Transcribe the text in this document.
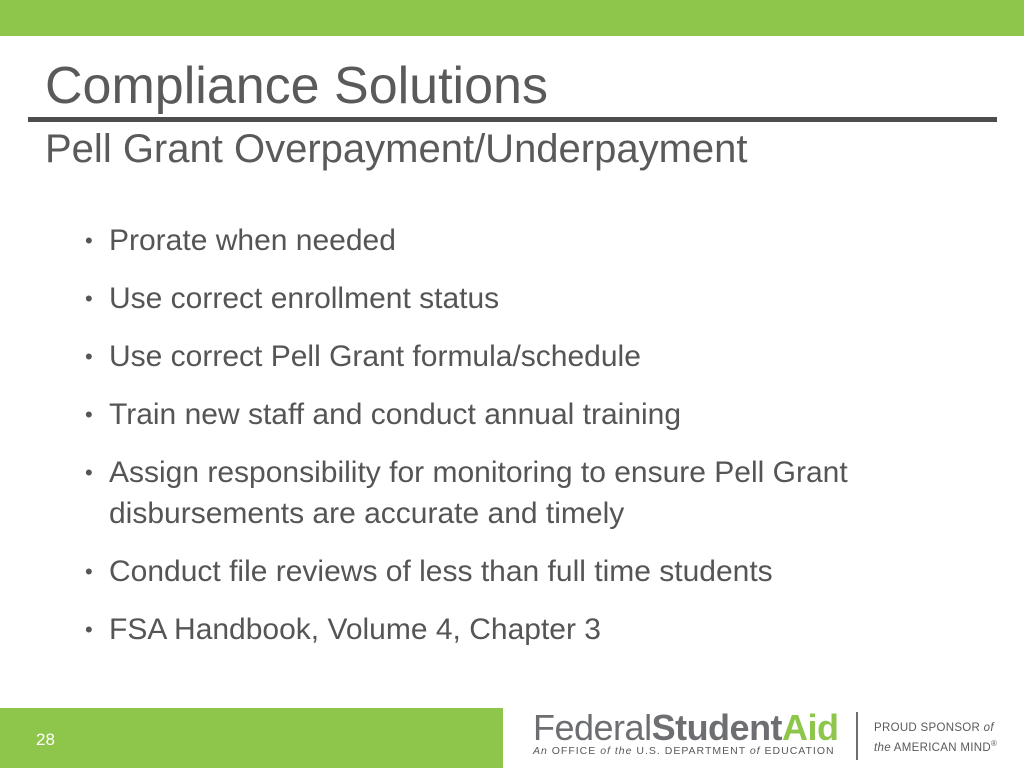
Compliance Solutions
Pell Grant Overpayment/Underpayment
• Prorate when needed
• Use correct enrollment status
• Use correct Pell Grant formula/schedule
• Train new staff and conduct annual training
• Assign responsibility for monitoring to ensure Pell Grant disbursements are accurate and timely
• Conduct file reviews of less than full time students
• FSA Handbook, Volume 4, Chapter 3
28	FederalStudentAid
An OFFICE of the U.S. DEPARTMENT of EDUCATION
PROUD SPONSOR of
the AMERICAN MIND®
